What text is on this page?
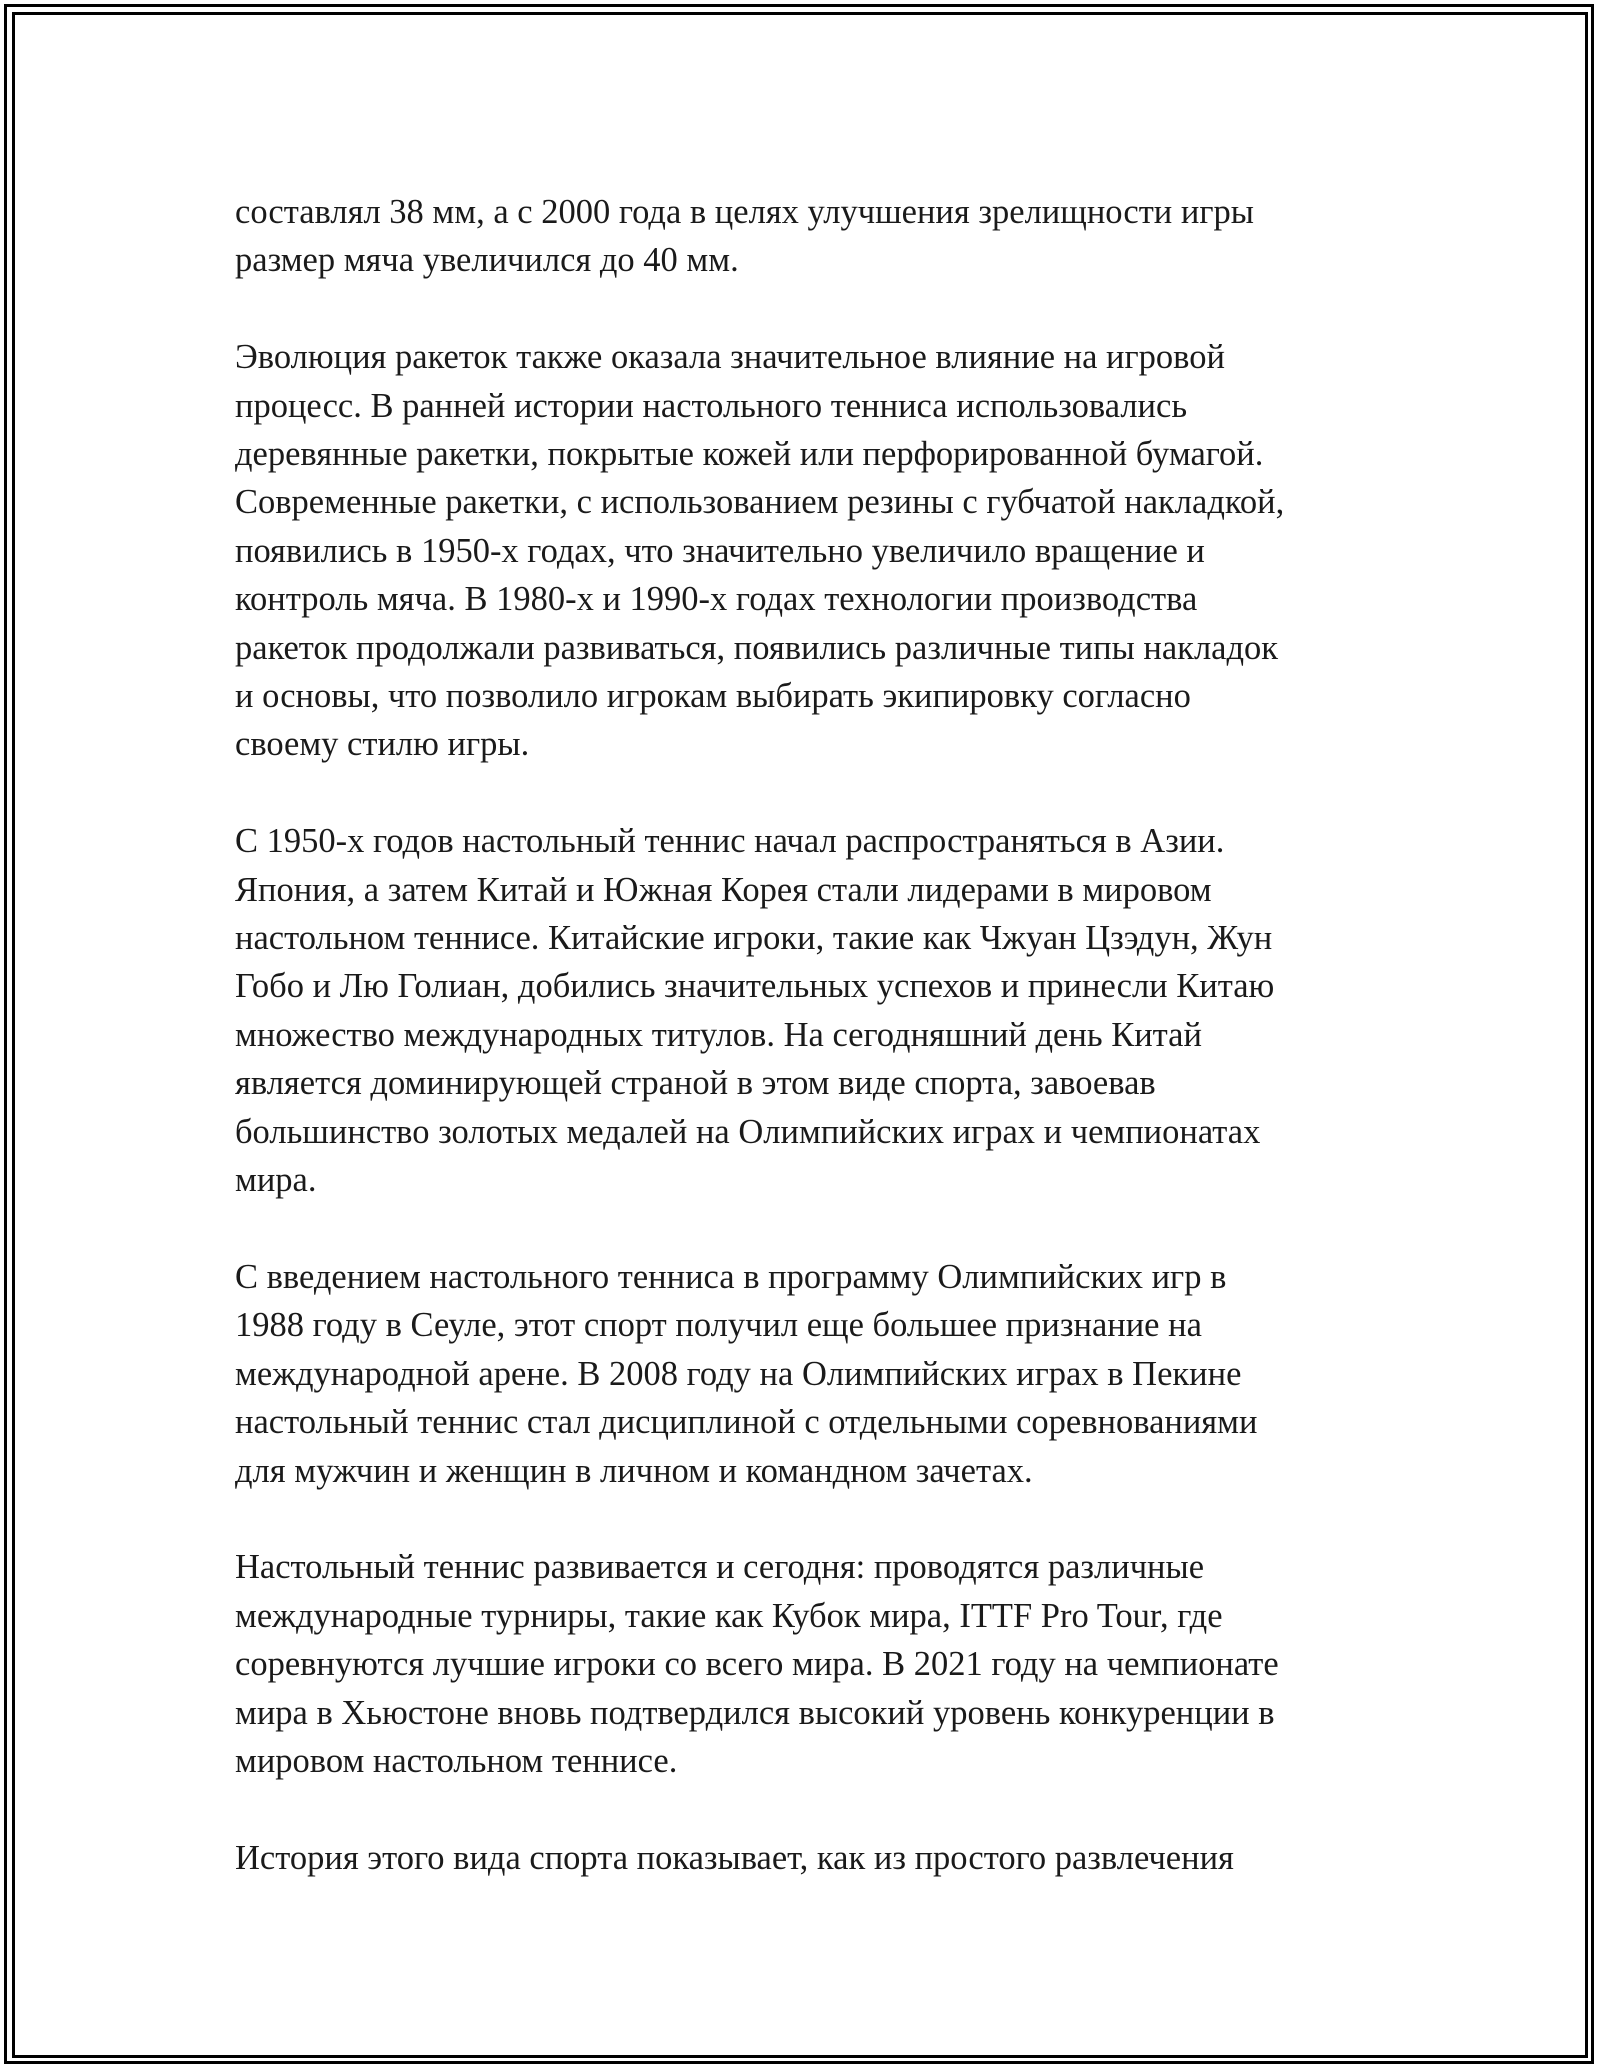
составлял 38 мм, а с 2000 года в целях улучшения зрелищности игры
размер мяча увеличился до 40 мм.

Эволюция ракеток также оказала значительное влияние на игровой
процесс. В ранней истории настольного тенниса использовались
деревянные ракетки, покрытые кожей или перфорированной бумагой.
Современные ракетки, с использованием резины с губчатой накладкой,
появились в 1950-х годах, что значительно увеличило вращение и
контроль мяча. В 1980-х и 1990-х годах технологии производства
ракеток продолжали развиваться, появились различные типы накладок
и основы, что позволило игрокам выбирать экипировку согласно
своему стилю игры.

С 1950-х годов настольный теннис начал распространяться в Азии.
Япония, а затем Китай и Южная Корея стали лидерами в мировом
настольном теннисе. Китайские игроки, такие как Чжуан Цзэдун, Жун
Гобо и Лю Голиан, добились значительных успехов и принесли Китаю
множество международных титулов. На сегодняшний день Китай
является доминирующей страной в этом виде спорта, завоевав
большинство золотых медалей на Олимпийских играх и чемпионатах
мира.

С введением настольного тенниса в программу Олимпийских игр в
1988 году в Сеуле, этот спорт получил еще большее признание на
международной арене. В 2008 году на Олимпийских играх в Пекине
настольный теннис стал дисциплиной с отдельными соревнованиями
для мужчин и женщин в личном и командном зачетах.

Настольный теннис развивается и сегодня: проводятся различные
международные турниры, такие как Кубок мира, ITTF Pro Tour, где
соревнуются лучшие игроки со всего мира. В 2021 году на чемпионате
мира в Хьюстоне вновь подтвердился высокий уровень конкуренции в
мировом настольном теннисе.

История этого вида спорта показывает, как из простого развлечения
